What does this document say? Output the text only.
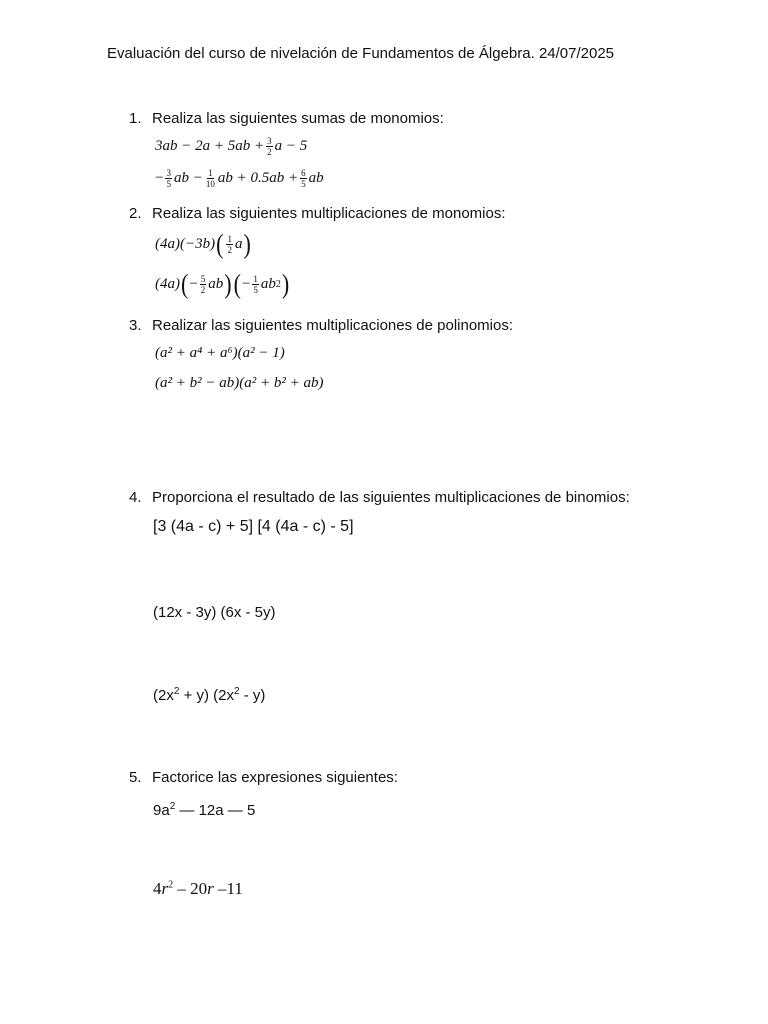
Evaluación del curso de nivelación de Fundamentos de Álgebra. 24/07/2025
1. Realiza las siguientes sumas de monomios:
$3ab - 2a + 5ab + \frac{3}{2}$ a − 5
− $\frac{3}{5}$ ab − $\frac{1}{10}$ ab + $0.5ab + \frac{6}{5}$ ab
2. Realiza las siguientes multiplicaciones de monomios:
(4a)(−3b) ( $\frac{1}{2}$ a )
(4a) ( − $\frac{5}{2}$ ab ) ( − $\frac{1}{5}$ ab 2 )
3. Realizar las siguientes multiplicaciones de polinomios:
(a² + a⁴ + a⁶)(a² − 1)
(a² + b² − ab)(a² + b² + ab)
4. Proporciona el resultado de las siguientes multiplicaciones de binomios:
[3 (4a - c) + 5] [4 (4a - c) - 5]
(12x - 3y) (6x - 5y)
$(2x^2 + y)$ $(2x^2 - y)$
5. Factorice las expresiones siguientes:
$9a^2$ — 12a — 5
$4r^2 - 20r$ –11
